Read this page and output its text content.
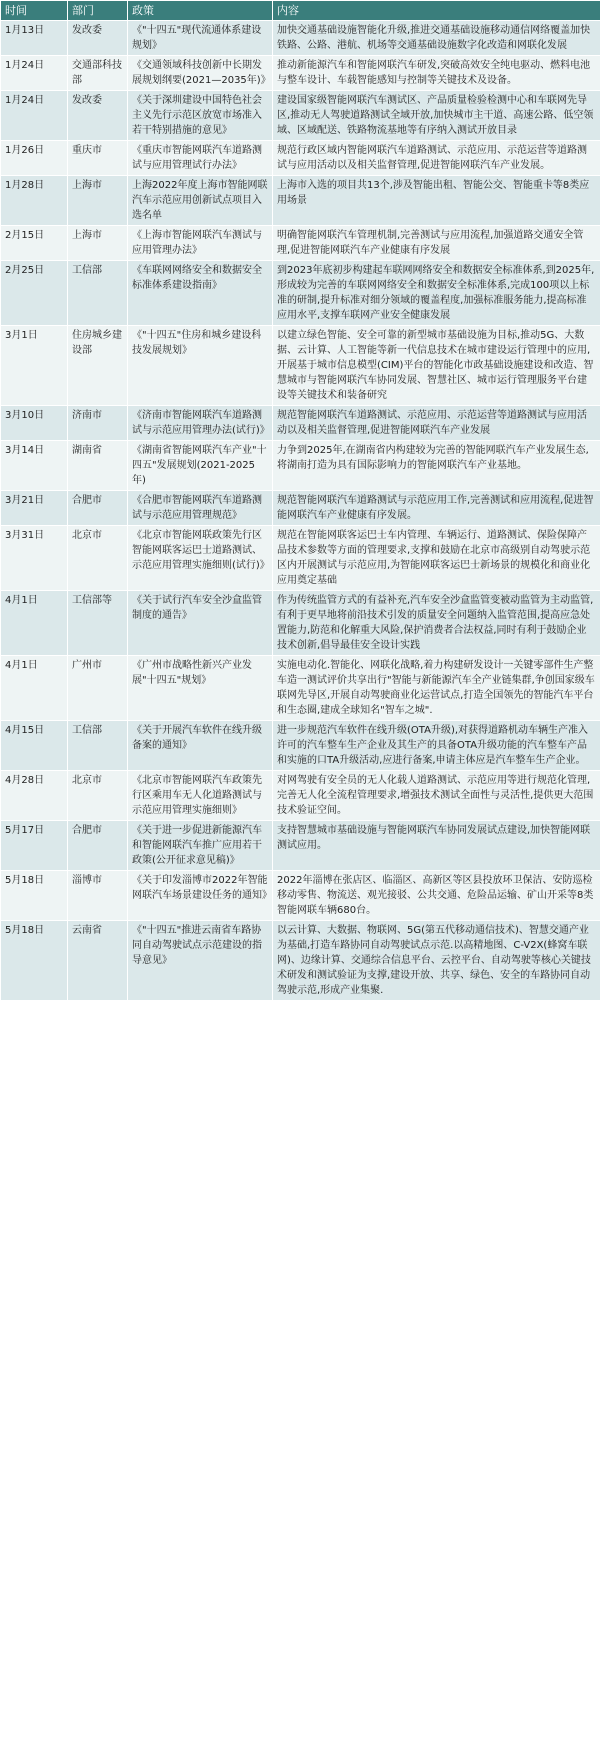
时间	部门	政策	内容
1月13日	发改委	《"十四五"现代流通体系建设规划》	加快交通基础设施智能化升级,推进交通基础设施移动通信网络覆盖加快铁路、公路、港航、机场等交通基础设施数字化改造和网联化发展
1月24日	交通部科技部	《交通领域科技创新中长期发展规划纲要(2021—2035年)》	推动新能源汽车和智能网联汽车研发,突破高效安全纯电驱动、燃料电池与整车设计、车载智能感知与控制等关键技术及设备。
1月24日	发改委	《关于深圳建设中国特色社会主义先行示范区放宽市场准入若干特别措施的意见》	建设国家级智能网联汽车测试区、产品质量检验检测中心和车联网先导区,推动无人驾驶道路测试全域开放,加快城市主干道、高速公路、低空领域、区域配送、铁路物流基地等有序纳入测试开放目录
1月26日	重庆市	《重庆市智能网联汽车道路测试与应用管理试行办法》	规范行政区域内智能网联汽车道路测试、示范应用、示范运营等道路测试与应用活动以及相关监督管理,促进智能网联汽车产业发展。
1月28日	上海市	上海2022年度上海市智能网联汽车示范应用创新试点项目入选名单	上海市入选的项目共13个,涉及智能出租、智能公交、智能重卡等8类应用场景
2月15日	上海市	《上海市智能网联汽车测试与应用管理办法》	明确智能网联汽车管理机制,完善测试与应用流程,加强道路交通安全管理,促进智能网联汽车产业健康有序发展
2月25日	工信部	《车联网网络安全和数据安全标准体系建设指南》	到2023年底初步构建起车联网网络安全和数据安全标准体系,到2025年,形成较为完善的车联网网络安全和数据安全标准体系,完成100项以上标准的研制,提升标准对细分领域的覆盖程度,加强标准服务能力,提高标准应用水平,支撑车联网产业安全健康发展
3月1日	住房城乡建设部	《"十四五"住房和城乡建设科技发展规划》	以建立绿色智能、安全可靠的新型城市基础设施为目标,推动5G、大数据、云计算、人工智能等新一代信息技术在城市建设运行管理中的应用,开展基于城市信息模型(CIM)平台的智能化市政基础设施建设和改造、智慧城市与智能网联汽车协同发展、智慧社区、城市运行管理服务平台建设等关键技术和装备研究
3月10日	济南市	《济南市智能网联汽车道路测试与示范应用管理办法(试行)》	规范智能网联汽车道路测试、示范应用、示范运营等道路测试与应用活动以及相关监督管理,促进智能网联汽车产业发展
3月14日	湖南省	《湖南省智能网联汽车产业"十四五"发展规划(2021-2025年)	力争到2025年,在湖南省内构建较为完善的智能网联汽车产业发展生态,将湖南打造为具有国际影响力的智能网联汽车产业基地。
3月21日	合肥市	《合肥市智能网联汽车道路测试与示范应用管理规范》	规范智能网联汽车道路测试与示范应用工作,完善测试和应用流程,促进智能网联汽车产业健康有序发展。
3月31日	北京市	《北京市智能网联政策先行区智能网联客运巴士道路测试、示范应用管理实施细则(试行)》	规范在智能网联客运巴士车内管理、车辆运行、道路测试、保险保障产品技术参数等方面的管理要求,支撑和鼓励在北京市高级别自动驾驶示范区内开展测试与示范应用,为智能网联客运巴士新场景的规模化和商业化应用奠定基础
4月1日	工信部等	《关于试行汽车安全沙盒监管制度的通告》	作为传统监管方式的有益补充,汽车安全沙盒监管变被动监管为主动监管,有利于更早地将前沿技术引发的质量安全问题纳入监管范围,提高应急处置能力,防范和化解重大风险,保护消费者合法权益,同时有利于鼓励企业技术创新,倡导最佳安全设计实践
4月1日	广州市	《广州市战略性新兴产业发展"十四五"规划》	实施电动化.智能化、网联化战略,着力构建研发设计一关键零部件生产整车造一测试评价共享出行"智能与新能源汽车全产业链集群,争创国家级车联网先导区,开展自动驾驶商业化运营试点,打造全国领先的智能汽车平台和生态圈,建成全球知名"智车之城".
4月15日	工信部	《关于开展汽车软件在线升级备案的通知》	进一步规范汽车软件在线升级(OTA升级),对获得道路机动车辆生产准入许可的汽车整车生产企业及其生产的具备OTA升级功能的汽车整车产品和实施的口TA升级活动,应进行备案,申请主体应是汽车整车生产企业。
4月28日	北京市	《北京市智能网联汽车政策先行区乘用车无人化道路测试与示范应用管理实施细则》	对网驾驶有安全员的无人化载人道路测试、示范应用等进行规范化管理,完善无人化全流程管理要求,增强技术测试全面性与灵活性,提供更大范围技术验证空间。
5月17日	合肥市	《关于进一步促进新能源汽车和智能网联汽车推广应用若干政策(公开征求意见稿)》	支持智慧城市基础设施与智能网联汽车协同发展试点建设,加快智能网联测试应用。
5月18日	淄博市	《关于印发淄博市2022年智能网联汽车场景建设任务的通知》	2022年淄博在张店区、临淄区、高新区等区县投放环卫保洁、安防巡检移动零售、物流送、观光接驳、公共交通、危险品运输、矿山开采等8类智能网联车辆680台。
5月18日	云南省	《"十四五"推进云南省车路协同自动驾驶试点示范建设的指导意见》	以云计算、大数据、物联网、5G(第五代移动通信技术)、智慧交通产业为基础,打造车路协同自动驾驶试点示范.以高精地图、C-V2X(蜂窝车联网)、边缘计算、交通综合信息平台、云控平台、自动驾驶等核心关键技术研发和测试验证为支撑,建设开放、共享、绿色、安全的车路协同自动驾驶示范,形成产业集聚.
